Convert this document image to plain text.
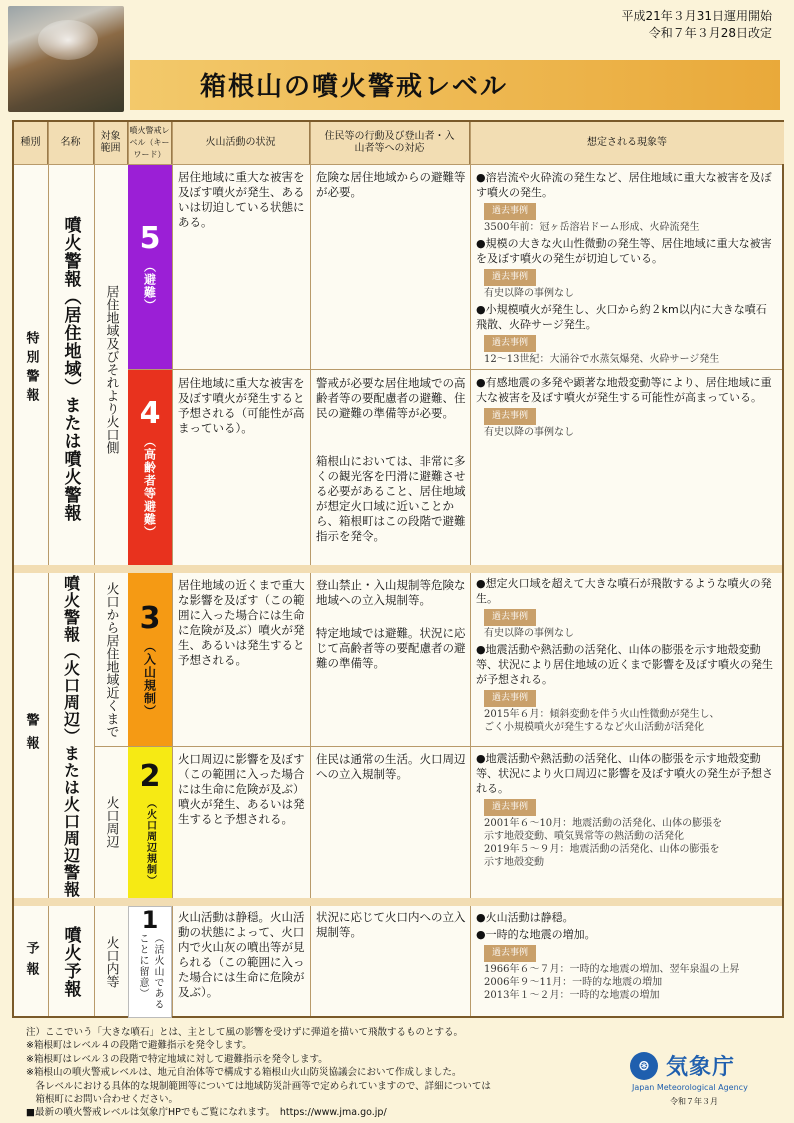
平成21年３月31日運用開始
令和７年３月28日改定
箱根山の噴火警戒レベル
種別	名称
対象範囲
噴火警戒レベル（キーワード）
火山活動の状況
住民等の行動及び登山者・入山者等への対応
想定される現象等
特別警報
警報
予報
噴火警報（居住地域）または噴火警報
噴火警報（火口周辺）または火口周辺警報
噴火予報
居住地域及びそれより火口側
火口から居住地域近くまで
火口周辺
火口内等
5
（避難）
4
（高齢者等避難）
3
（入山規制）
2
（火口周辺規制）
1
（活火山であることに留意）
居住地域に重大な被害を及ぼす噴火が発生、あるいは切迫している状態にある。
居住地域に重大な被害を及ぼす噴火が発生すると予想される（可能性が高まっている）。
居住地域の近くまで重大な影響を及ぼす（この範囲に入った場合には生命に危険が及ぶ）噴火が発生、あるいは発生すると予想される。
火口周辺に影響を及ぼす（この範囲に入った場合には生命に危険が及ぶ）噴火が発生、あるいは発生すると予想される。
火山活動は静穏。火山活動の状態によって、火口内で火山灰の噴出等が見られる（この範囲に入った場合には生命に危険が及ぶ）。
危険な居住地域からの避難等が必要。
警戒が必要な居住地域での高齢者等の要配慮者の避難、住民の避難の準備等が必要。
箱根山においては、非常に多くの観光客を円滑に避難させる必要があること、居住地域が想定火口域に近いことから、箱根町はこの段階で避難指示を発令。
登山禁止・入山規制等危険な地域への立入規制等。
特定地域では避難。状況に応じて高齢者等の要配慮者の避難の準備等。
住民は通常の生活。火口周辺への立入規制等。
状況に応じて火口内への立入規制等。
●溶岩流や火砕流の発生など、居住地域に重大な被害を及ぼす噴火の発生。
過去事例
3500年前：冠ヶ岳溶岩ドーム形成、火砕流発生
●規模の大きな火山性微動の発生等、居住地域に重大な被害を及ぼす噴火の発生が切迫している。
過去事例
有史以降の事例なし
●小規模噴火が発生し、火口から約２km以内に大きな噴石飛散、火砕サージ発生。
過去事例
12～13世紀：大涌谷で水蒸気爆発、火砕サージ発生
●有感地震の多発や顕著な地殻変動等により、居住地域に重大な被害を及ぼす噴火が発生する可能性が高まっている。
過去事例
有史以降の事例なし
●想定火口域を超えて大きな噴石が飛散するような噴火の発生。
過去事例
有史以降の事例なし
●地震活動や熱活動の活発化、山体の膨張を示す地殻変動等、状況により居住地域の近くまで影響を及ぼす噴火の発生が予想される。
過去事例
2015年６月：傾斜変動を伴う火山性微動が発生し、
ごく小規模噴火が発生するなど火山活動が活発化
●地震活動や熱活動の活発化、山体の膨張を示す地殻変動等、状況により火口周辺に影響を及ぼす噴火の発生が予想される。
過去事例
2001年６～10月：地震活動の活発化、山体の膨張を
示す地殻変動、噴気異常等の熱活動の活発化
2019年５～９月：地震活動の活発化、山体の膨張を
示す地殻変動
●火山活動は静穏。
●一時的な地震の増加。
過去事例
1966年６～７月：一時的な地震の増加、翌年泉温の上昇
2006年９～11月：一時的な地震の増加
2013年１～２月：一時的な地震の増加
注）ここでいう「大きな噴石」とは、主として風の影響を受けずに弾道を描いて飛散するものとする。
※箱根町はレベル４の段階で避難指示を発令します。
※箱根町はレベル３の段階で特定地域に対して避難指示を発令します。
※箱根山の噴火警戒レベルは、地元自治体等で構成する箱根山火山防災協議会において作成しました。
　各レベルにおける具体的な規制範囲等については地域防災計画等で定められていますので、詳細については
　箱根町にお問い合わせください。
■最新の噴火警戒レベルは気象庁HPでもご覧になれます。　https://www.jma.go.jp/
⊛ 気象庁
Japan Meteorological Agency
令和７年３月
